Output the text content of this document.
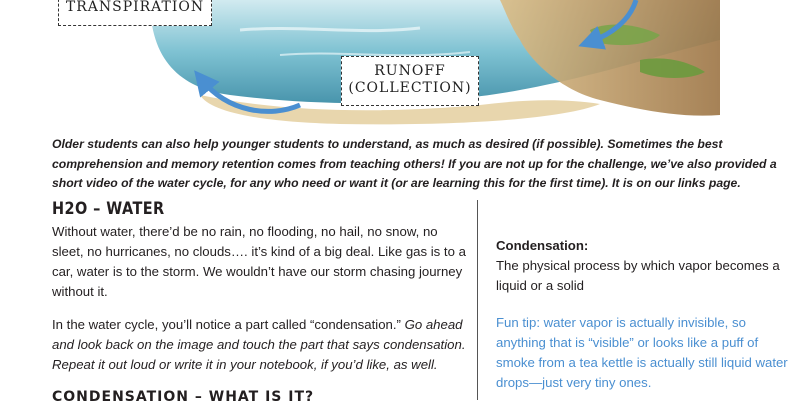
TRANSPIRATION
RUNOFF
(COLLECTION)
Older students can also help younger students to understand, as much as desired (if possible). Sometimes the best comprehension and memory retention comes from teaching others! If you are not up for the challenge, we’ve also provided a short video of the water cycle, for any who need or want it (or are learning this for the first time). It is on our links page.
H2O – WATER
Without water, there’d be no rain, no flooding, no hail, no snow, no sleet, no hurricanes, no clouds…. it’s kind of a big deal. Like gas is to a car, water is to the storm. We wouldn’t have our storm chasing journey without it.
In the water cycle, you’ll notice a part called “condensation.” Go ahead and look back on the image and touch the part that says condensation. Repeat it out loud or write it in your notebook, if you’d like, as well.
CONDENSATION – WHAT IS IT?
Condensation:
The physical process by which vapor becomes a liquid or a solid
Fun tip: water vapor is actually invisible, so anything that is “visible” or looks like a puff of smoke from a tea kettle is actually still liquid water drops—just very tiny ones.
